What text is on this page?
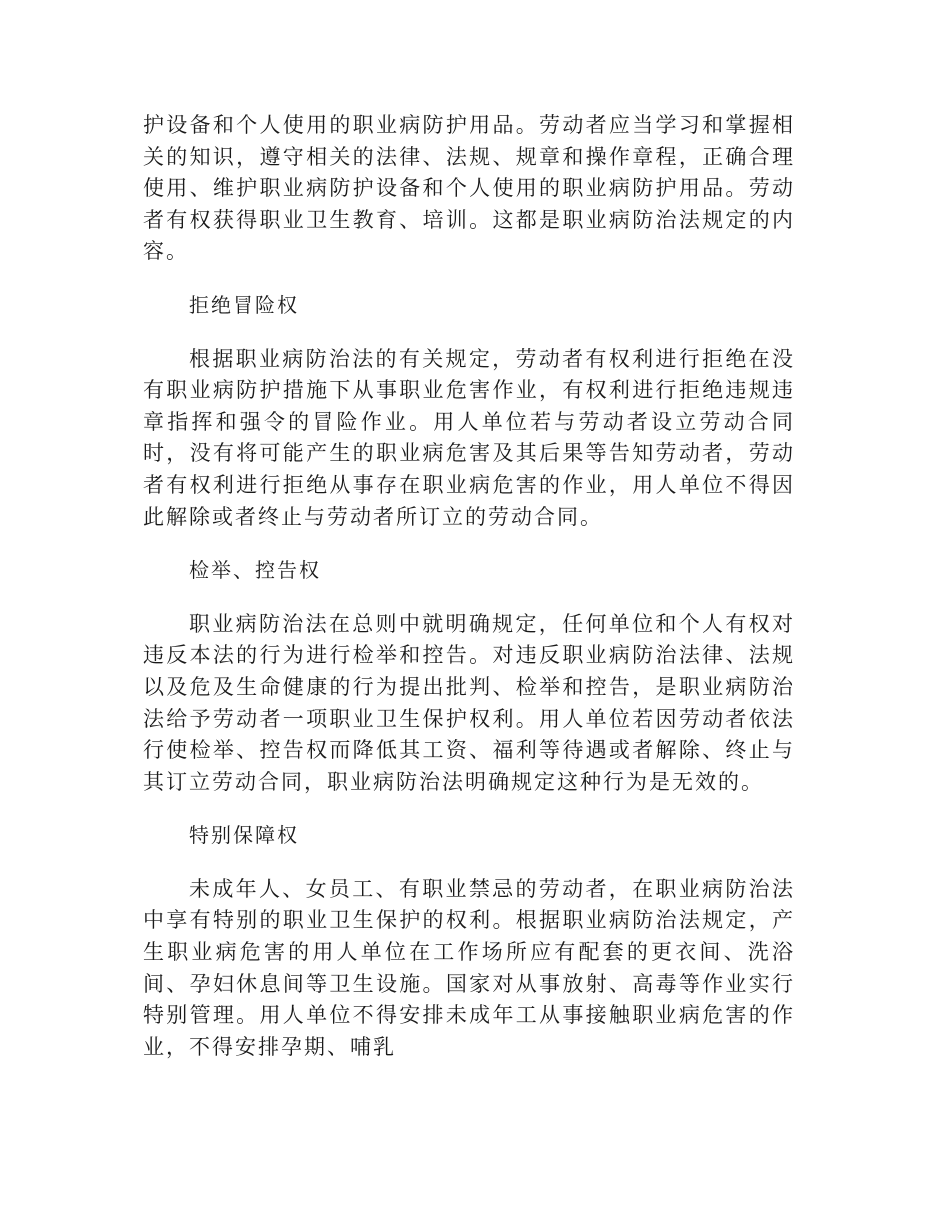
护设备和个人使用的职业病防护用品。劳动者应当学习和掌握相关的知识，遵守相关的法律、法规、规章和操作章程，正确合理使用、维护职业病防护设备和个人使用的职业病防护用品。劳动者有权获得职业卫生教育、培训。这都是职业病防治法规定的内容。

拒绝冒险权

根据职业病防治法的有关规定，劳动者有权利进行拒绝在没有职业病防护措施下从事职业危害作业，有权利进行拒绝违规违章指挥和强令的冒险作业。用人单位若与劳动者设立劳动合同时，没有将可能产生的职业病危害及其后果等告知劳动者，劳动者有权利进行拒绝从事存在职业病危害的作业，用人单位不得因此解除或者终止与劳动者所订立的劳动合同。

检举、控告权

职业病防治法在总则中就明确规定，任何单位和个人有权对违反本法的行为进行检举和控告。对违反职业病防治法律、法规以及危及生命健康的行为提出批判、检举和控告，是职业病防治法给予劳动者一项职业卫生保护权利。用人单位若因劳动者依法行使检举、控告权而降低其工资、福利等待遇或者解除、终止与其订立劳动合同，职业病防治法明确规定这种行为是无效的。

特别保障权

未成年人、女员工、有职业禁忌的劳动者，在职业病防治法中享有特别的职业卫生保护的权利。根据职业病防治法规定，产生职业病危害的用人单位在工作场所应有配套的更衣间、洗浴间、孕妇休息间等卫生设施。国家对从事放射、高毒等作业实行特别管理。用人单位不得安排未成年工从事接触职业病危害的作业，不得安排孕期、哺乳
